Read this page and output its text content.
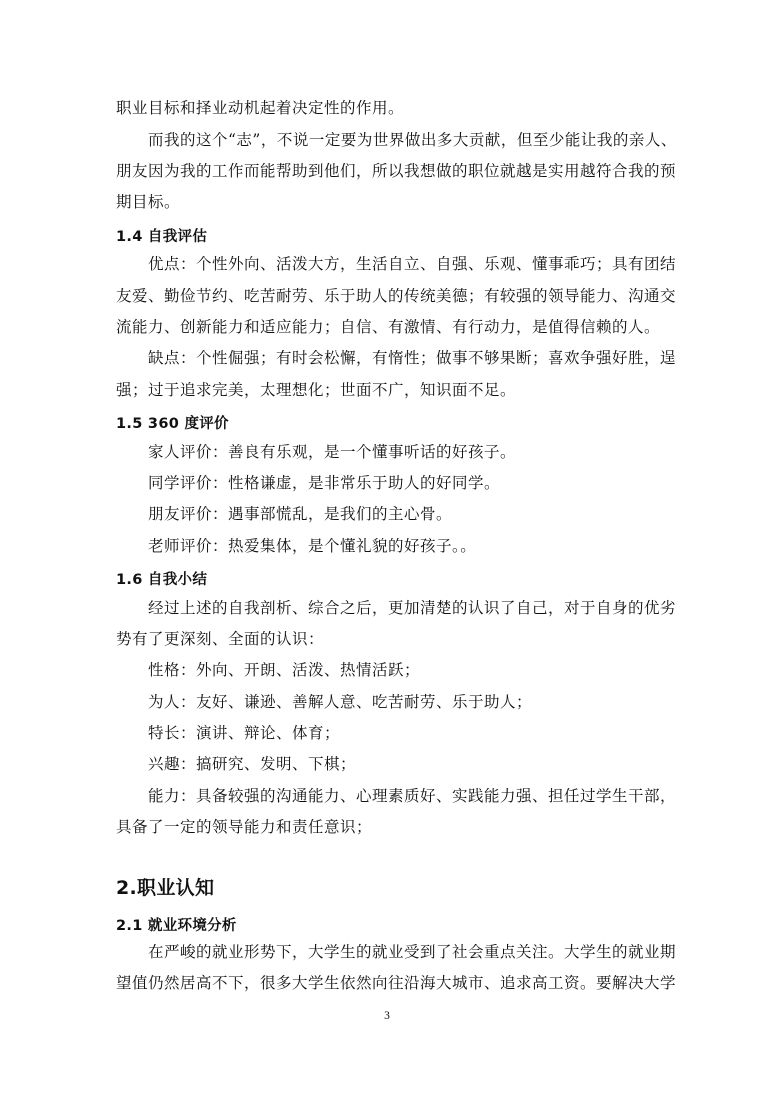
职业目标和择业动机起着决定性的作用。
而我的这个“志”，不说一定要为世界做出多大贡献，但至少能让我的亲人、
朋友因为我的工作而能帮助到他们，所以我想做的职位就越是实用越符合我的预
期目标。
1.4 自我评估
优点：个性外向、活泼大方，生活自立、自强、乐观、懂事乖巧；具有团结
友爱、勤俭节约、吃苦耐劳、乐于助人的传统美德；有较强的领导能力、沟通交
流能力、创新能力和适应能力；自信、有激情、有行动力，是值得信赖的人。
缺点：个性倔强；有时会松懈，有惰性；做事不够果断；喜欢争强好胜，逞
强；过于追求完美，太理想化；世面不广，知识面不足。
1.5 360 度评价
家人评价：善良有乐观，是一个懂事听话的好孩子。
同学评价：性格谦虚，是非常乐于助人的好同学。
朋友评价：遇事部慌乱，是我们的主心骨。
老师评价：热爱集体，是个懂礼貌的好孩子。。
1.6 自我小结
经过上述的自我剖析、综合之后，更加清楚的认识了自己，对于自身的优劣
势有了更深刻、全面的认识：
性格：外向、开朗、活泼、热情活跃；
为人：友好、谦逊、善解人意、吃苦耐劳、乐于助人；
特长：演讲、辩论、体育；
兴趣：搞研究、发明、下棋；
能力：具备较强的沟通能力、心理素质好、实践能力强、担任过学生干部，
具备了一定的领导能力和责任意识；
2.职业认知
2.1 就业环境分析
在严峻的就业形势下，大学生的就业受到了社会重点关注。大学生的就业期
望值仍然居高不下，很多大学生依然向往沿海大城市、追求高工资。要解决大学
3
